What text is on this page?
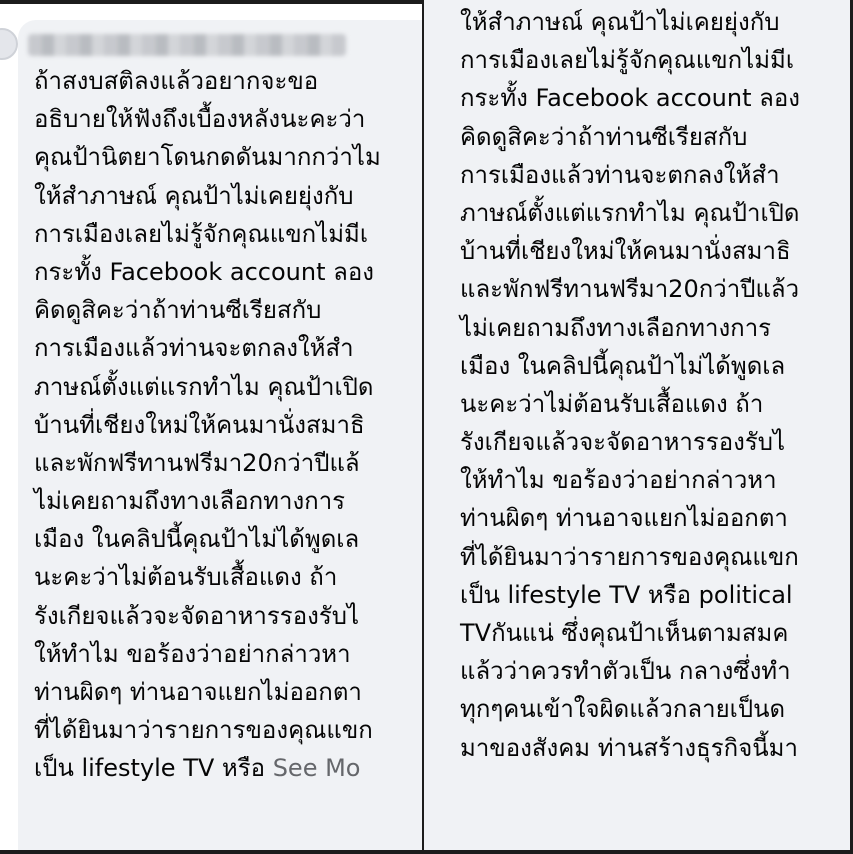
ถ้าสงบสติลงแล้วอยากจะขอ
อธิบายให้ฟังถึงเบื้องหลังนะคะว่า
คุณป้านิตยาโดนกดดันมากกว่าไม
ให้สำภาษณ์ คุณป้าไม่เคยยุ่งกับ
การเมืองเลยไม่รู้จักคุณแขกไม่มีเ
กระทั้ง Facebook account ลอง
คิดดูสิคะว่าถ้าท่านซีเรียสกับ
การเมืองแล้วท่านจะตกลงให้สำ
ภาษณ์ตั้งแต่แรกทำไม คุณป้าเปิด
บ้านที่เชียงใหม่ให้คนมานั่งสมาธิ
และพักฟรีทานฟรีมา20กว่าปีแล้
ไม่เคยถามถึงทางเลือกทางการ
เมือง ในคลิปนี้คุณป้าไม่ได้พูดเล
นะคะว่าไม่ต้อนรับเสื้อแดง ถ้า
รังเกียจแล้วจะจัดอาหารรองรับไ
ให้ทำไม ขอร้องว่าอย่ากล่าวหา
ท่านผิดๆ ท่านอาจแยกไม่ออกตา
ที่ได้ยินมาว่ารายการของคุณแขก
เป็น lifestyle TV หรือ See Mo
ให้สำภาษณ์ คุณป้าไม่เคยยุ่งกับ
การเมืองเลยไม่รู้จักคุณแขกไม่มีเ
กระทั้ง Facebook account ลอง
คิดดูสิคะว่าถ้าท่านซีเรียสกับ
การเมืองแล้วท่านจะตกลงให้สำ
ภาษณ์ตั้งแต่แรกทำไม คุณป้าเปิด
บ้านที่เชียงใหม่ให้คนมานั่งสมาธิ
และพักฟรีทานฟรีมา20กว่าปีแล้ว
ไม่เคยถามถึงทางเลือกทางการ
เมือง ในคลิปนี้คุณป้าไม่ได้พูดเล
นะคะว่าไม่ต้อนรับเสื้อแดง ถ้า
รังเกียจแล้วจะจัดอาหารรองรับไ
ให้ทำไม ขอร้องว่าอย่ากล่าวหา
ท่านผิดๆ ท่านอาจแยกไม่ออกตา
ที่ได้ยินมาว่ารายการของคุณแขก
เป็น lifestyle TV หรือ political
TVกันแน่ ซึ่งคุณป้าเห็นตามสมค
แล้วว่าควรทำตัวเป็น กลางซึ่งทำ
ทุกๆคนเข้าใจผิดแล้วกลายเป็นด
มาของสังคม ท่านสร้างธุรกิจนี้มา
